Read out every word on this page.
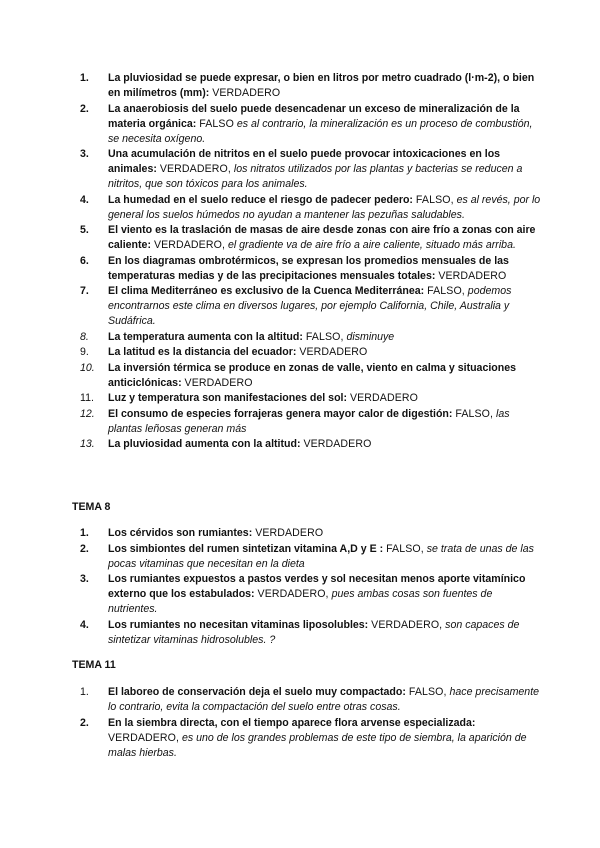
1.	La pluviosidad se puede expresar, o bien en litros por metro cuadrado (l·m-2), o bien en milímetros (mm): VERDADERO
2.	La anaerobiosis del suelo puede desencadenar un exceso de mineralización de la materia orgánica: FALSO es al contrario, la mineralización es un proceso de combustión, se necesita oxígeno.
3.	Una acumulación de nitritos en el suelo puede provocar intoxicaciones en los animales: VERDADERO, los nitratos utilizados por las plantas y bacterias se reducen a nitritos, que son tóxicos para los animales.
4.	La humedad en el suelo reduce el riesgo de padecer pedero: FALSO, es al revés, por lo general los suelos húmedos no ayudan a mantener las pezuñas saludables.
5.	El viento es la traslación de masas de aire desde zonas con aire frío a zonas con aire caliente: VERDADERO, el gradiente va de aire frío a aire caliente, situado más arriba.
6.	En los diagramas ombrotérmicos, se expresan los promedios mensuales de las temperaturas medias y de las precipitaciones mensuales totales: VERDADERO
7.	El clima Mediterráneo es exclusivo de la Cuenca Mediterránea: FALSO, podemos encontrarnos este clima en diversos lugares, por ejemplo California, Chile, Australia y Sudáfrica.
8.	La temperatura aumenta con la altitud: FALSO, disminuye
9.	La latitud es la distancia del ecuador: VERDADERO
10.	La inversión térmica se produce en zonas de valle, viento en calma y situaciones anticiclónicas: VERDADERO
11.	Luz y temperatura son manifestaciones del sol: VERDADERO
12.	El consumo de especies forrajeras genera mayor calor de digestión: FALSO, las plantas leñosas generan más
13.	La pluviosidad aumenta con la altitud: VERDADERO
TEMA 8
1.	Los cérvidos son rumiantes: VERDADERO
2.	Los simbiontes del rumen sintetizan vitamina A,D y E : FALSO, se trata de unas de las pocas vitaminas que necesitan en la dieta
3.	Los rumiantes expuestos a pastos verdes y sol necesitan menos aporte vitamínico externo que los estabulados: VERDADERO, pues ambas cosas son fuentes de nutrientes.
4.	Los rumiantes no necesitan vitaminas liposolubles: VERDADERO, son capaces de sintetizar vitaminas hidrosolubles. ?
TEMA 11
1.	El laboreo de conservación deja el suelo muy compactado: FALSO, hace precisamente lo contrario, evita la compactación del suelo entre otras cosas.
2.	En la siembra directa, con el tiempo aparece flora arvense especializada: VERDADERO, es uno de los grandes problemas de este tipo de siembra, la aparición de malas hierbas.
